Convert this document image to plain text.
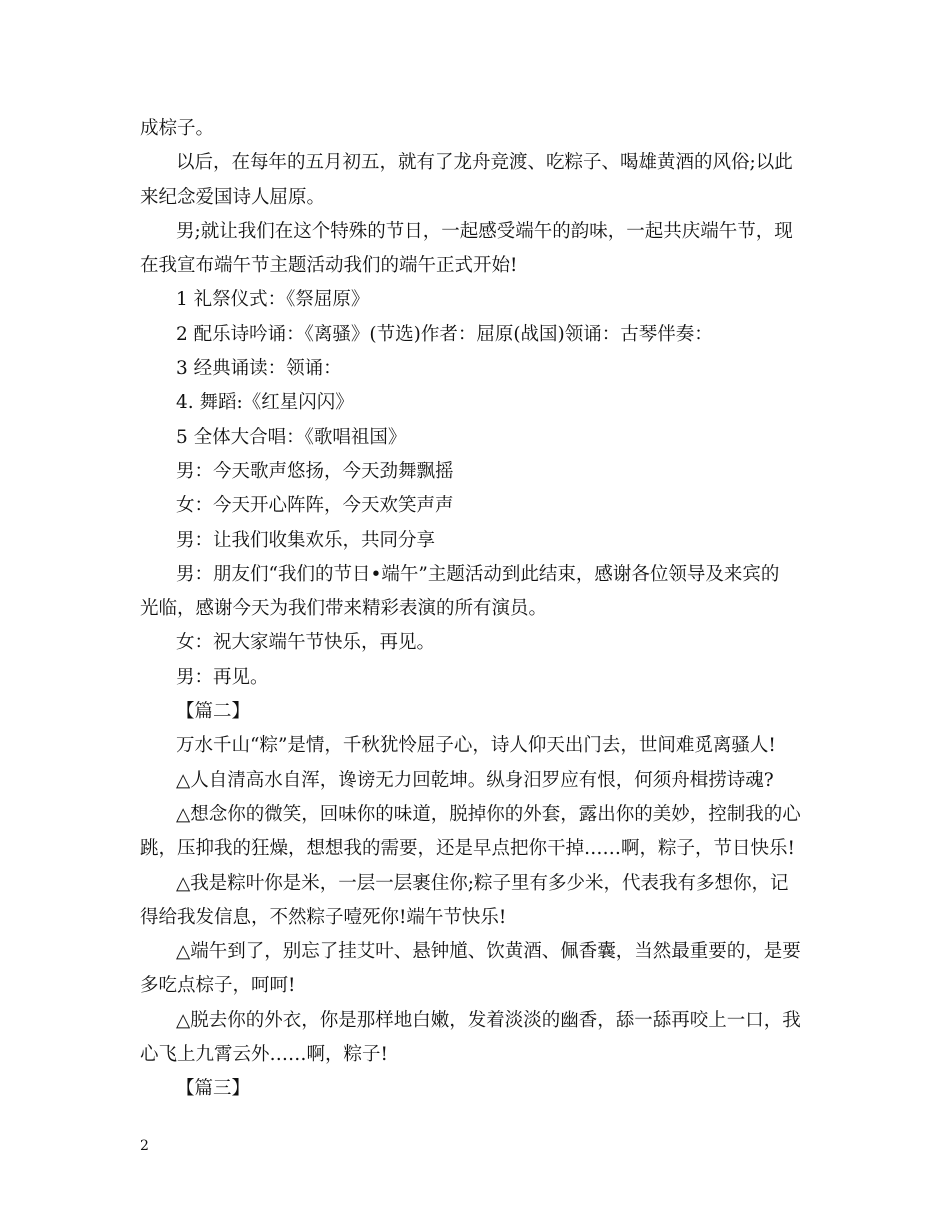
成棕子。
以后，在每年的五月初五，就有了龙舟竞渡、吃粽子、喝雄黄酒的风俗;以此
来纪念爱国诗人屈原。
男;就让我们在这个特殊的节日，一起感受端午的韵味，一起共庆端午节，现
在我宣布端午节主题活动我们的端午正式开始!
1 礼祭仪式：《祭屈原》
2 配乐诗吟诵：《离骚》(节选)作者：屈原(战国)领诵：古琴伴奏：
3 经典诵读：领诵：
4. 舞蹈:《红星闪闪》
5 全体大合唱：《歌唱祖国》
男：今天歌声悠扬，今天劲舞飘摇
女：今天开心阵阵，今天欢笑声声
男：让我们收集欢乐，共同分享
男：朋友们“我们的节日•端午”主题活动到此结束，感谢各位领导及来宾的
光临，感谢今天为我们带来精彩表演的所有演员。
女：祝大家端午节快乐，再见。
男：再见。
【篇二】
万水千山“粽”是情，千秋犹怜屈子心，诗人仰天出门去，世间难觅离骚人!
△人自清高水自浑，谗谤无力回乾坤。纵身汨罗应有恨，何须舟楫捞诗魂?
△想念你的微笑，回味你的味道，脱掉你的外套，露出你的美妙，控制我的心
跳，压抑我的狂燥，想想我的需要，还是早点把你干掉……啊，粽子，节日快乐!
△我是粽叶你是米，一层一层裹住你;粽子里有多少米，代表我有多想你，记
得给我发信息，不然粽子噎死你!端午节快乐!
△端午到了，别忘了挂艾叶、悬钟馗、饮黄酒、佩香囊，当然最重要的，是要
多吃点棕子，呵呵!
△脱去你的外衣，你是那样地白嫩，发着淡淡的幽香，舔一舔再咬上一口，我
心飞上九霄云外……啊，粽子!
【篇三】
2
